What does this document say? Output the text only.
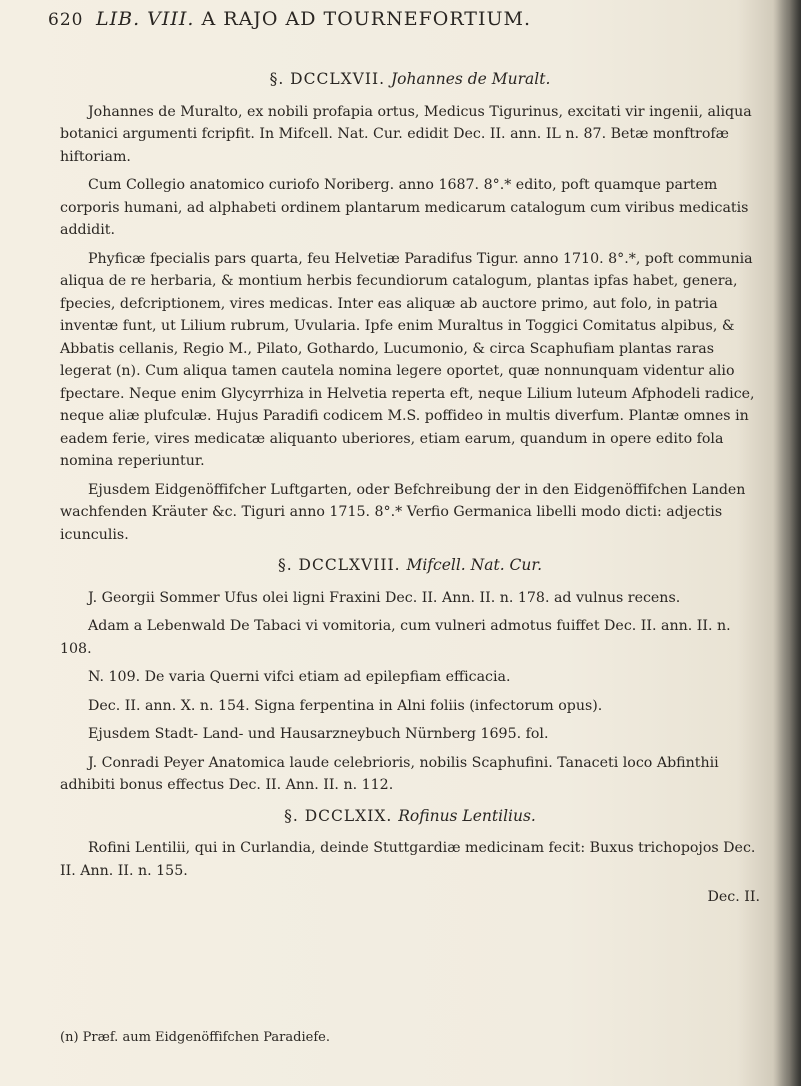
620 LIB. VIII. A RAJO AD TOURNEFORTIUM.

§. DCCLXVII. Johannes de Muralt.

Johannes de Muralto, ex nobili profapia ortus, Medicus Tigurinus, excitati vir ingenii, aliqua botanici argumenti fcripfit. In Mifcell. Nat. Cur. edidit Dec. II. ann. IL n. 87. Betæ monftrofæ hiftoriam.

Cum Collegio anatomico curiofo Noriberg. anno 1687. 8°.* edito, poft quamque partem corporis humani, ad alphabeti ordinem plantarum medicarum catalogum cum viribus medicatis addidit.

Phyficæ fpecialis pars quarta, feu Helvetiæ Paradifus Tigur. anno 1710. 8°.*, poft communia aliqua de re herbaria, & montium herbis fecundiorum catalogum, plantas ipfas habet, genera, fpecies, defcriptionem, vires medicas. Inter eas aliquæ ab auctore primo, aut folo, in patria inventæ funt, ut Lilium rubrum, Uvularia. Ipfe enim Muraltus in Toggici Comitatus alpibus, & Abbatis cellanis, Regio M., Pilato, Gothardo, Lucumonio, & circa Scaphufiam plantas raras legerat (n). Cum aliqua tamen cautela nomina legere oportet, quæ nonnunquam videntur alio fpectare. Neque enim Glycyrrhiza in Helvetia reperta eft, neque Lilium luteum Afphodeli radice, neque aliæ plufculæ. Hujus Paradifi codicem M.S. poffideo in multis diverfum. Plantæ omnes in eadem ferie, vires medicatæ aliquanto uberiores, etiam earum, quandum in opere edito fola nomina reperiuntur.

Ejusdem Eidgenöffifcher Luftgarten, oder Befchreibung der in den Eidgenöffifchen Landen wachfenden Kräuter &c. Tiguri anno 1715. 8°.* Verfio Germanica libelli modo dicti: adjectis icunculis.

§. DCCLXVIII. Mifcell. Nat. Cur.

J. Georgii Sommer Ufus olei ligni Fraxini Dec. II. Ann. II. n. 178. ad vulnus recens.

Adam a Lebenwald De Tabaci vi vomitoria, cum vulneri admotus fuiffet Dec. II. ann. II. n. 108.

N. 109. De varia Querni vifci etiam ad epilepfiam efficacia.

Dec. II. ann. X. n. 154. Signa ferpentina in Alni foliis (infectorum opus).

Ejusdem Stadt- Land- und Hausarzneybuch Nürnberg 1695. fol.

J. Conradi Peyer Anatomica laude celebrioris, nobilis Scaphufini. Tanaceti loco Abfinthii adhibiti bonus effectus Dec. II. Ann. II. n. 112.

§. DCCLXIX. Rofinus Lentilius.

Rofini Lentilii, qui in Curlandia, deinde Stuttgardiæ medicinam fecit: Buxus trichopojos Dec. II. Ann. II. n. 155.

Dec. II.

(n) Præf. aum Eidgenöffifchen Paradiefe.
